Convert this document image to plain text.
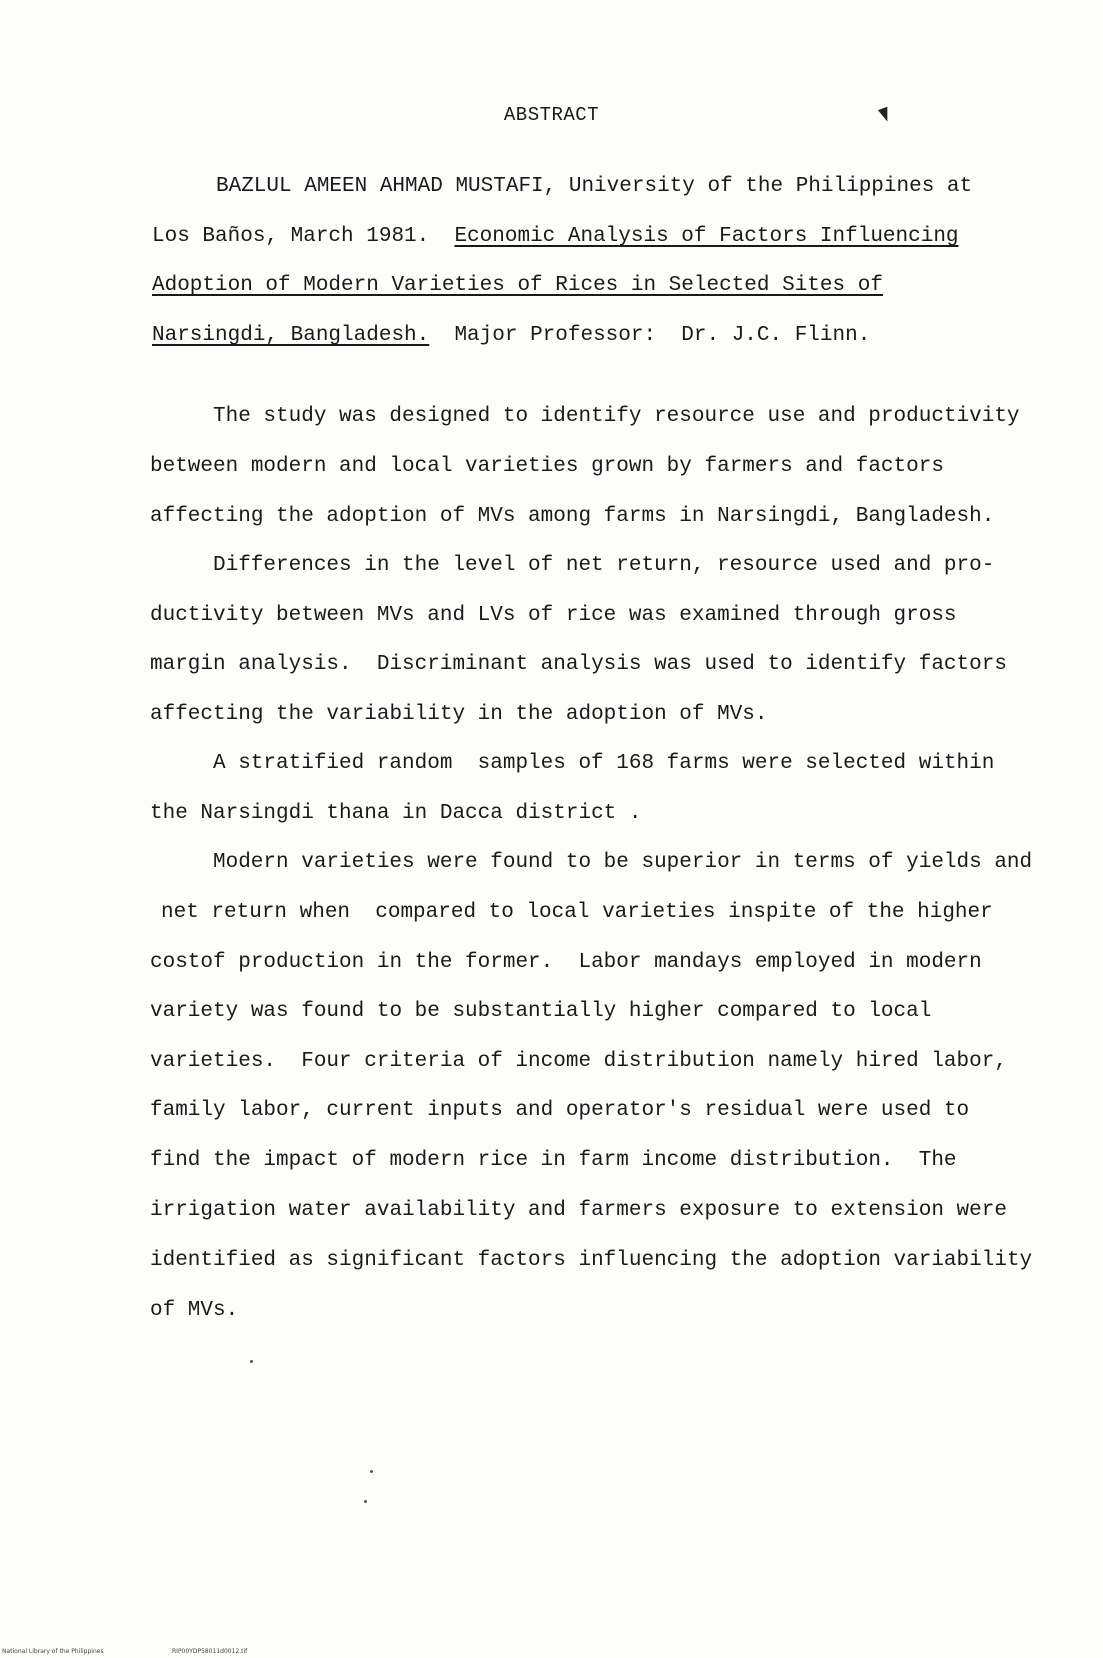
ABSTRACT
BAZLUL AMEEN AHMAD MUSTAFI, University of the Philippines at
Los Baños, March 1981.  Economic Analysis of Factors Influencing
Adoption of Modern Varieties of Rices in Selected Sites of
Narsingdi, Bangladesh.  Major Professor:  Dr. J.C. Flinn.
The study was designed to identify resource use and productivity
between modern and local varieties grown by farmers and factors
affecting the adoption of MVs among farms in Narsingdi, Bangladesh.
Differences in the level of net return, resource used and pro-
ductivity between MVs and LVs of rice was examined through gross
margin analysis.  Discriminant analysis was used to identify factors
affecting the variability in the adoption of MVs.
A stratified random  samples of 168 farms were selected within
the Narsingdi thana in Dacca district .
Modern varieties were found to be superior in terms of yields and
net return when  compared to local varieties inspite of the higher
costof production in the former.  Labor mandays employed in modern
variety was found to be substantially higher compared to local
varieties.  Four criteria of income distribution namely hired labor,
family labor, current inputs and operator's residual were used to
find the impact of modern rice in farm income distribution.  The
irrigation water availability and farmers exposure to extension were
identified as significant factors influencing the adoption variability
of MVs.
National Library of the Philippines	RIP00YDP58011d0012.tif
